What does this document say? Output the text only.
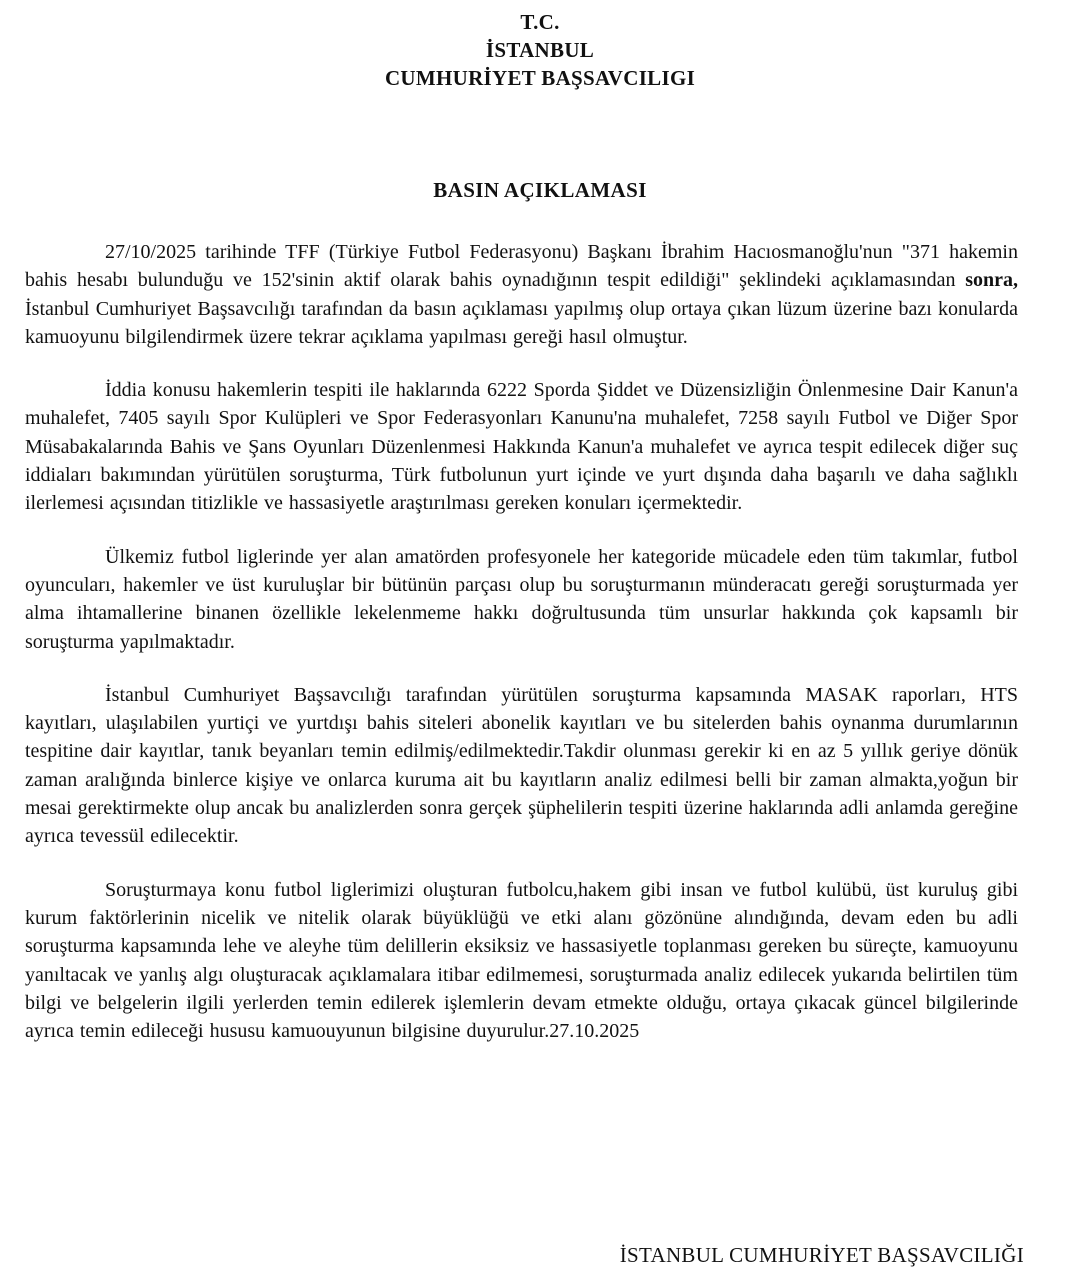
T.C.
İSTANBUL
CUMHURİYET BAŞSAVCILIGI
BASIN AÇIKLAMASI

27/10/2025 tarihinde TFF (Türkiye Futbol Federasyonu) Başkanı İbrahim Hacıosmanoğlu'nun "371 hakemin bahis hesabı bulunduğu ve 152'sinin aktif olarak bahis oynadığının tespit edildiği" şeklindeki açıklamasından sonra, İstanbul Cumhuriyet Başsavcılığı tarafından da basın açıklaması yapılmış olup ortaya çıkan lüzum üzerine bazı konularda kamuoyunu bilgilendirmek üzere tekrar açıklama yapılması gereği hasıl olmuştur.

İddia konusu hakemlerin tespiti ile haklarında 6222 Sporda Şiddet ve Düzensizliğin Önlenmesine Dair Kanun'a muhalefet, 7405 sayılı Spor Kulüpleri ve Spor Federasyonları Kanunu'na muhalefet, 7258 sayılı Futbol ve Diğer Spor Müsabakalarında Bahis ve Şans Oyunları Düzenlenmesi Hakkında Kanun'a muhalefet ve ayrıca tespit edilecek diğer suç iddiaları bakımından yürütülen soruşturma, Türk futbolunun yurt içinde ve yurt dışında daha başarılı ve daha sağlıklı ilerlemesi açısından titizlikle ve hassasiyetle araştırılması gereken konuları içermektedir.

Ülkemiz futbol liglerinde yer alan amatörden profesyonele her kategoride mücadele eden tüm takımlar, futbol oyuncuları, hakemler ve üst kuruluşlar bir bütünün parçası olup bu soruşturmanın münderacatı gereği soruşturmada yer alma ihtamallerine binanen özellikle lekelenmeme hakkı doğrultusunda tüm unsurlar hakkında çok kapsamlı bir soruşturma yapılmaktadır.

İstanbul Cumhuriyet Başsavcılığı tarafından yürütülen soruşturma kapsamında MASAK raporları, HTS kayıtları, ulaşılabilen yurtiçi ve yurtdışı bahis siteleri abonelik kayıtları ve bu sitelerden bahis oynanma durumlarının tespitine dair kayıtlar, tanık beyanları temin edilmiş/edilmektedir.Takdir olunması gerekir ki en az 5 yıllık geriye dönük zaman aralığında binlerce kişiye ve onlarca kuruma ait bu kayıtların analiz edilmesi belli bir zaman almakta,yoğun bir mesai gerektirmekte olup ancak bu analizlerden sonra gerçek şüphelilerin tespiti üzerine haklarında adli anlamda gereğine ayrıca tevessül edilecektir.

Soruşturmaya konu futbol liglerimizi oluşturan futbolcu,hakem gibi insan ve futbol kulübü, üst kuruluş gibi kurum faktörlerinin nicelik ve nitelik olarak büyüklüğü ve etki alanı gözönüne alındığında, devam eden bu adli soruşturma kapsamında lehe ve aleyhe tüm delillerin eksiksiz ve hassasiyetle toplanması gereken bu süreçte, kamuoyunu yanıltacak ve yanlış algı oluşturacak açıklamalara itibar edilmemesi, soruşturmada analiz edilecek yukarıda belirtilen tüm bilgi ve belgelerin ilgili yerlerden temin edilerek işlemlerin devam etmekte olduğu, ortaya çıkacak güncel bilgilerinde ayrıca temin edileceği hususu kamuouyunun bilgisine duyurulur.27.10.2025

İSTANBUL CUMHURİYET BAŞSAVCILIĞI
